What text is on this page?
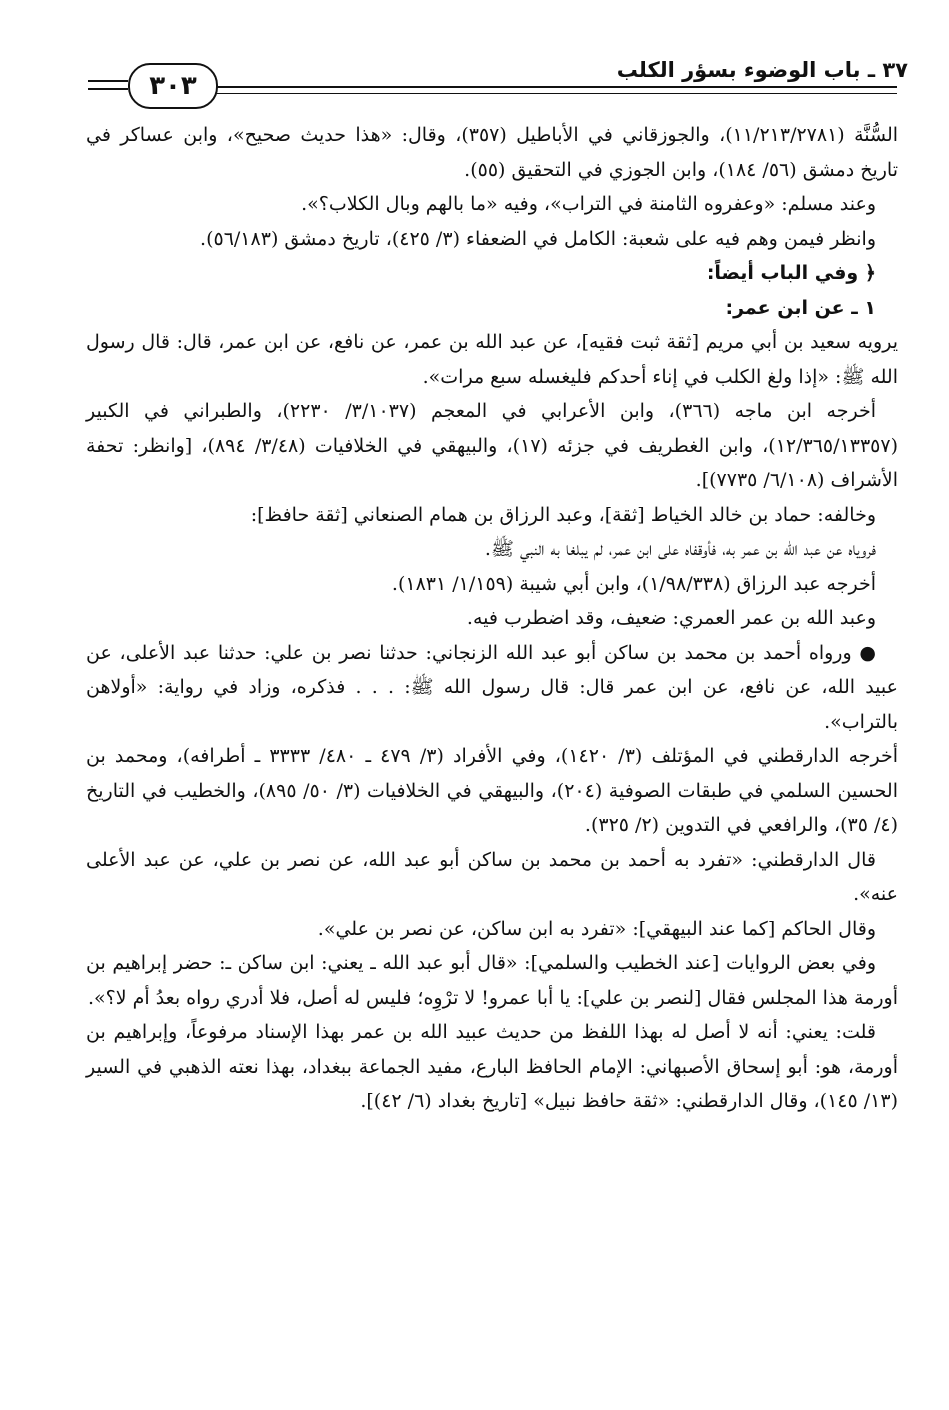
٣٧ ـ باب الوضوء بسؤر الكلب
٣٠٣

السُّنَّة (١١/٢١٣/٢٧٨١)، والجوزقاني في الأباطيل (٣٥٧)، وقال: «هذا حديث صحيح»، وابن عساكر في تاريخ دمشق (٥٦/ ١٨٤)، وابن الجوزي في التحقيق (٥٥).

وعند مسلم: «وعفروه الثامنة في التراب»، وفيه «ما بالهم وبال الكلاب؟».

وانظر فيمن وهم فيه على شعبة: الكامل في الضعفاء (٣/ ٤٢٥)، تاريخ دمشق (٥٦/١٨٣).

﴿ وفي الباب أيضاً:

١ ـ عن ابن عمر:

يرويه سعيد بن أبي مريم [ثقة ثبت فقيه]، عن عبد الله بن عمر، عن نافع، عن ابن عمر، قال: قال رسول الله ﷺ: «إذا ولغ الكلب في إناء أحدكم فليغسله سبع مرات».

أخرجه ابن ماجه (٣٦٦)، وابن الأعرابي في المعجم (٣/١٠٣٧/ ٢٢٣٠)، والطبراني في الكبير (١٢/٣٦٥/١٣٣٥٧)، وابن الغطريف في جزئه (١٧)، والبيهقي في الخلافيات (٣/٤٨/ ٨٩٤)، [وانظر: تحفة الأشراف (٦/١٠٨/ ٧٧٣٥)].

وخالفه: حماد بن خالد الخياط [ثقة]، وعبد الرزاق بن همام الصنعاني [ثقة حافظ]:

فروياه عن عبد الله بن عمر به، فأوقفاه على ابن عمر، لم يبلغا به النبي ﷺ.

أخرجه عبد الرزاق (١/٩٨/٣٣٨)، وابن أبي شيبة (١/١٥٩/ ١٨٣١).

وعبد الله بن عمر العمري: ضعيف، وقد اضطرب فيه.

● ورواه أحمد بن محمد بن ساكن أبو عبد الله الزنجاني: حدثنا نصر بن علي: حدثنا عبد الأعلى، عن عبيد الله، عن نافع، عن ابن عمر قال: قال رسول الله ﷺ: . . . فذكره، وزاد في رواية: «أولاهن بالتراب».

أخرجه الدارقطني في المؤتلف (٣/ ١٤٢٠)، وفي الأفراد (٣/ ٤٧٩ ـ ٤٨٠/ ٣٣٣٣ ـ أطرافه)، ومحمد بن الحسين السلمي في طبقات الصوفية (٢٠٤)، والبيهقي في الخلافيات (٣/ ٥٠/ ٨٩٥)، والخطيب في التاريخ (٤/ ٣٥)، والرافعي في التدوين (٢/ ٣٢٥).

قال الدارقطني: «تفرد به أحمد بن محمد بن ساكن أبو عبد الله، عن نصر بن علي، عن عبد الأعلى عنه».

وقال الحاكم [كما عند البيهقي]: «تفرد به ابن ساكن، عن نصر بن علي».

وفي بعض الروايات [عند الخطيب والسلمي]: «قال أبو عبد الله ـ يعني: ابن ساكن ـ: حضر إبراهيم بن أورمة هذا المجلس فقال [لنصر بن علي]: يا أبا عمرو! لا ترْوِه؛ فليس له أصل، فلا أدري رواه بعدُ أم لا؟».

قلت: يعني: أنه لا أصل له بهذا اللفظ من حديث عبيد الله بن عمر بهذا الإسناد مرفوعاً، وإبراهيم بن أورمة، هو: أبو إسحاق الأصبهاني: الإمام الحافظ البارع، مفيد الجماعة ببغداد، بهذا نعته الذهبي في السير (١٣/ ١٤٥)، وقال الدارقطني: «ثقة حافظ نبيل» [تاريخ بغداد (٦/ ٤٢)].
